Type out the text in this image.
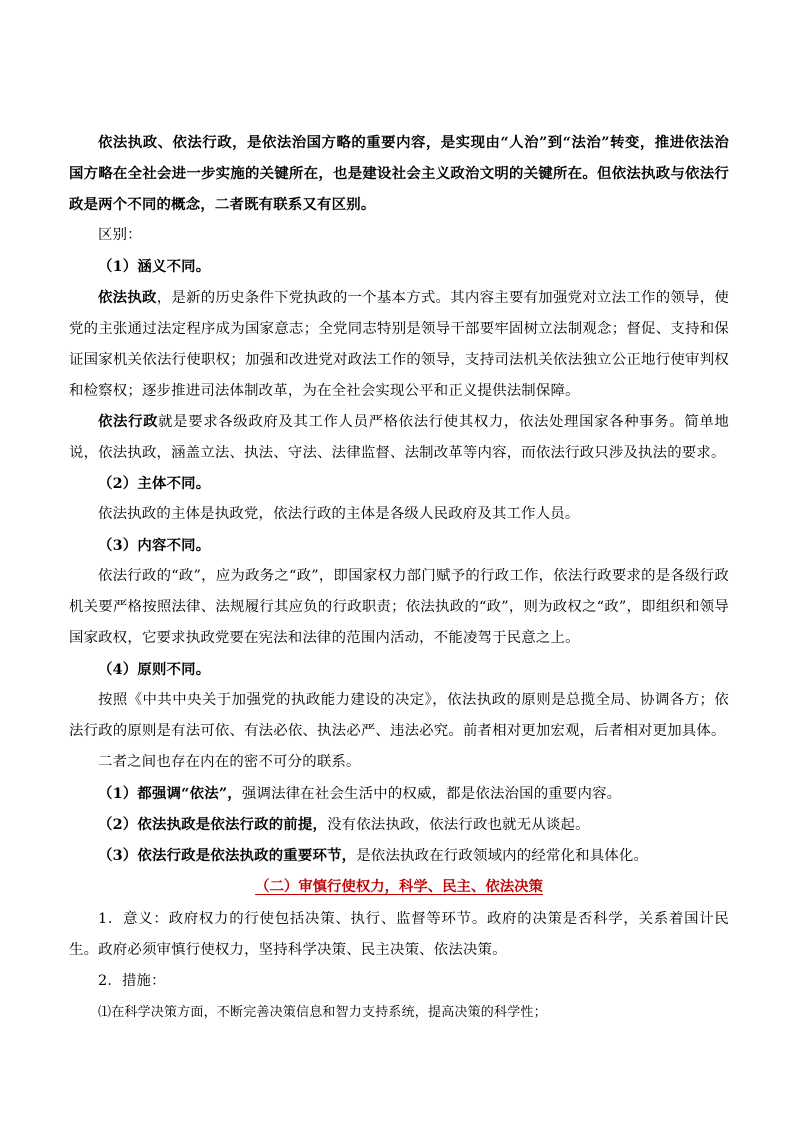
依法执政、依法行政，是依法治国方略的重要内容，是实现由“人治”到“法治”转变，推进依法治国方略在全社会进一步实施的关键所在，也是建设社会主义政治文明的关键所在。但依法执政与依法行政是两个不同的概念，二者既有联系又有区别。

区别：

（1）涵义不同。

依法执政，是新的历史条件下党执政的一个基本方式。其内容主要有加强党对立法工作的领导，使党的主张通过法定程序成为国家意志；全党同志特别是领导干部要牢固树立法制观念；督促、支持和保证国家机关依法行使职权；加强和改进党对政法工作的领导，支持司法机关依法独立公正地行使审判权和检察权；逐步推进司法体制改革，为在全社会实现公平和正义提供法制保障。

依法行政就是要求各级政府及其工作人员严格依法行使其权力，依法处理国家各种事务。简单地说，依法执政，涵盖立法、执法、守法、法律监督、法制改革等内容，而依法行政只涉及执法的要求。

（2）主体不同。

依法执政的主体是执政党，依法行政的主体是各级人民政府及其工作人员。

（3）内容不同。

依法行政的“政”，应为政务之“政”，即国家权力部门赋予的行政工作，依法行政要求的是各级行政机关要严格按照法律、法规履行其应负的行政职责；依法执政的“政”，则为政权之“政”，即组织和领导国家政权，它要求执政党要在宪法和法律的范围内活动，不能凌驾于民意之上。

（4）原则不同。

按照《中共中央关于加强党的执政能力建设的决定》，依法执政的原则是总揽全局、协调各方；依法行政的原则是有法可依、有法必依、执法必严、违法必究。前者相对更加宏观，后者相对更加具体。

二者之间也存在内在的密不可分的联系。

（1）都强调“依法”，强调法律在社会生活中的权威，都是依法治国的重要内容。

（2）依法执政是依法行政的前提，没有依法执政，依法行政也就无从谈起。

（3）依法行政是依法执政的重要环节，是依法执政在行政领域内的经常化和具体化。

（二）审慎行使权力，科学、民主、依法决策

1．意义：政府权力的行使包括决策、执行、监督等环节。政府的决策是否科学，关系着国计民生。政府必须审慎行使权力，坚持科学决策、民主决策、依法决策。

2．措施：

⑴在科学决策方面，不断完善决策信息和智力支持系统，提高决策的科学性；
